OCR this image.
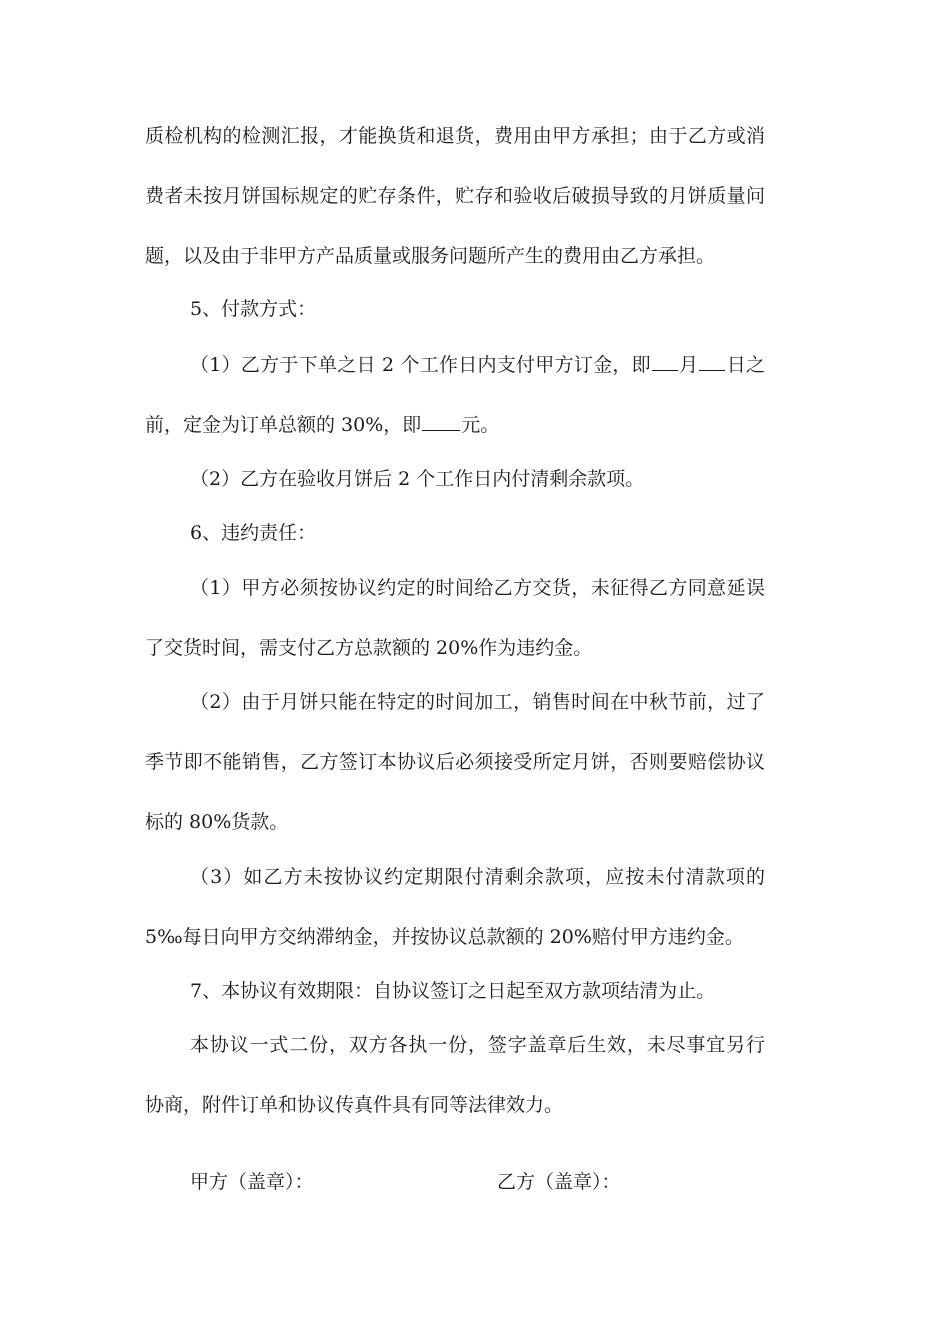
质检机构的检测汇报，才能换货和退货，费用由甲方承担；由于乙方或消
费者未按月饼国标规定的贮存条件，贮存和验收后破损导致的月饼质量问
题，以及由于非甲方产品质量或服务问题所产生的费用由乙方承担。
5、付款方式：
（1）乙方于下单之日 2 个工作日内支付甲方订金，即 月 日之
前，定金为订单总额的 30%，即 元。
（2）乙方在验收月饼后 2 个工作日内付清剩余款项。
6、违约责任：
（1）甲方必须按协议约定的时间给乙方交货，未征得乙方同意延误
了交货时间，需支付乙方总款额的 20%作为违约金。
（2）由于月饼只能在特定的时间加工，销售时间在中秋节前，过了
季节即不能销售，乙方签订本协议后必须接受所定月饼，否则要赔偿协议
标的 80%货款。
（3）如乙方未按协议约定期限付清剩余款项，应按未付清款项的
5‰每日向甲方交纳滞纳金，并按协议总款额的 20%赔付甲方违约金。
7、本协议有效期限：自协议签订之日起至双方款项结清为止。
本协议一式二份，双方各执一份，签字盖章后生效，未尽事宜另行
协商，附件订单和协议传真件具有同等法律效力。
甲方（盖章）：	乙方（盖章）：
